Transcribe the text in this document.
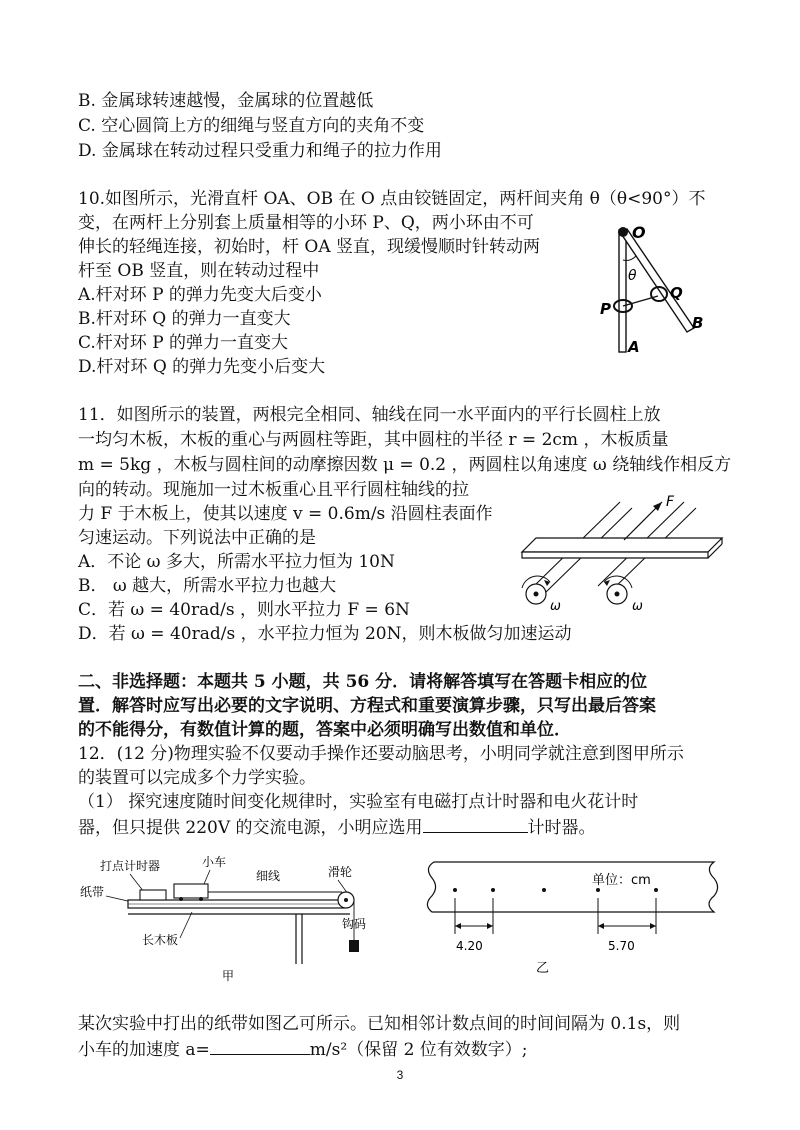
B. 金属球转速越慢，金属球的位置越低
C. 空心圆筒上方的细绳与竖直方向的夹角不变
D. 金属球在转动过程只受重力和绳子的拉力作用
10.如图所示，光滑直杆 OA、OB 在 O 点由铰链固定，两杆间夹角 θ（θ<90°）不
变，在两杆上分别套上质量相等的小环 P、Q，两小环由不可
伸长的轻绳连接，初始时，杆 OA 竖直，现缓慢顺时针转动两
杆至 OB 竖直，则在转动过程中
A.杆对环 P 的弹力先变大后变小
B.杆对环 Q 的弹力一直变大
C.杆对环 P 的弹力一直变大
D.杆对环 Q 的弹力先变小后变大
O
θ
P
Q
A
B
11．如图所示的装置，两根完全相同、轴线在同一水平面内的平行长圆柱上放
一均匀木板，木板的重心与两圆柱等距，其中圆柱的半径 r = 2cm ，木板质量
m = 5kg ，木板与圆柱间的动摩擦因数 μ = 0.2 ，两圆柱以角速度 ω 绕轴线作相反方
向的转动。现施加一过木板重心且平行圆柱轴线的拉
力 F 于木板上，使其以速度 v = 0.6m/s 沿圆柱表面作
匀速运动。下列说法中正确的是
A．不论 ω 多大，所需水平拉力恒为 10N
B． ω 越大，所需水平拉力也越大
C．若 ω = 40rad/s ，则水平拉力 F = 6N
D．若 ω = 40rad/s ，水平拉力恒为 20N，则木板做匀加速运动
F
ω	ω
二、非选择题：本题共 5 小题，共 56 分．请将解答填写在答题卡相应的位
置．解答时应写出必要的文字说明、方程式和重要演算步骤，只写出最后答案
的不能得分，有数值计算的题，答案中必须明确写出数值和单位．
12．(12 分)物理实验不仅要动手操作还要动脑思考，小明同学就注意到图甲所示
的装置可以完成多个力学实验。
（1） 探究速度随时间变化规律时，实验室有电磁打点计时器和电火花计时
器，但只提供 220V 的交流电源，小明应选用	计时器。
打点计时器	小车
细线	滑轮
纸带
钩码
长木板
甲
单位：cm
4.20	5.70
乙
某次实验中打出的纸带如图乙可所示。已知相邻计数点间的时间间隔为 0.1s，则
小车的加速度 a=	m/s²（保留 2 位有效数字）;
3
